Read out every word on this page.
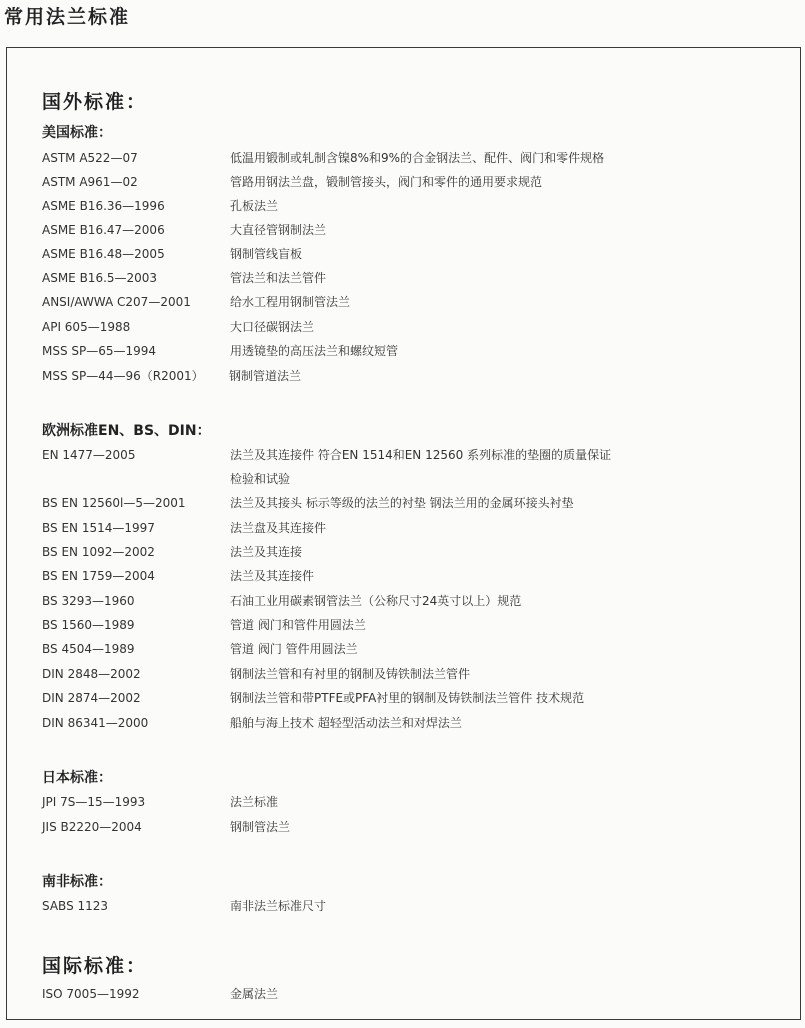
常用法兰标准
国外标准：
美国标准：
ASTM A522—07	低温用锻制或轧制含镍8%和9%的合金钢法兰、配件、阀门和零件规格
ASTM A961—02	管路用钢法兰盘，锻制管接头，阀门和零件的通用要求规范
ASME B16.36—1996	孔板法兰
ASME B16.47—2006	大直径管钢制法兰
ASME B16.48—2005	钢制管线盲板
ASME B16.5—2003	管法兰和法兰管件
ANSI/AWWA C207—2001	给水工程用钢制管法兰
API 605—1988	大口径碳钢法兰
MSS SP—65—1994	用透镜垫的高压法兰和螺纹短管
MSS SP—44—96（R2001） 钢制管道法兰
欧洲标准EN、BS、DIN：
EN 1477—2005	法兰及其连接件 符合EN 1514和EN 12560 系列标准的垫圈的质量保证
检验和试验
BS EN 12560l—5—2001	法兰及其接头 标示等级的法兰的衬垫 钢法兰用的金属环接头衬垫
BS EN 1514—1997	法兰盘及其连接件
BS EN 1092—2002	法兰及其连接
BS EN 1759—2004	法兰及其连接件
BS 3293—1960	石油工业用碳素钢管法兰（公称尺寸24英寸以上）规范
BS 1560—1989	管道 阀门和管件用圆法兰
BS 4504—1989	管道 阀门 管件用圆法兰
DIN 2848—2002	钢制法兰管和有衬里的钢制及铸铁制法兰管件
DIN 2874—2002	钢制法兰管和带PTFE或PFA衬里的钢制及铸铁制法兰管件 技术规范
DIN 86341—2000	船舶与海上技术 超轻型活动法兰和对焊法兰
日本标准：
JPI 7S—15—1993	法兰标准
JIS B2220—2004	钢制管法兰
南非标准：
SABS 1123	南非法兰标准尺寸
国际标准：
ISO 7005—1992	金属法兰
